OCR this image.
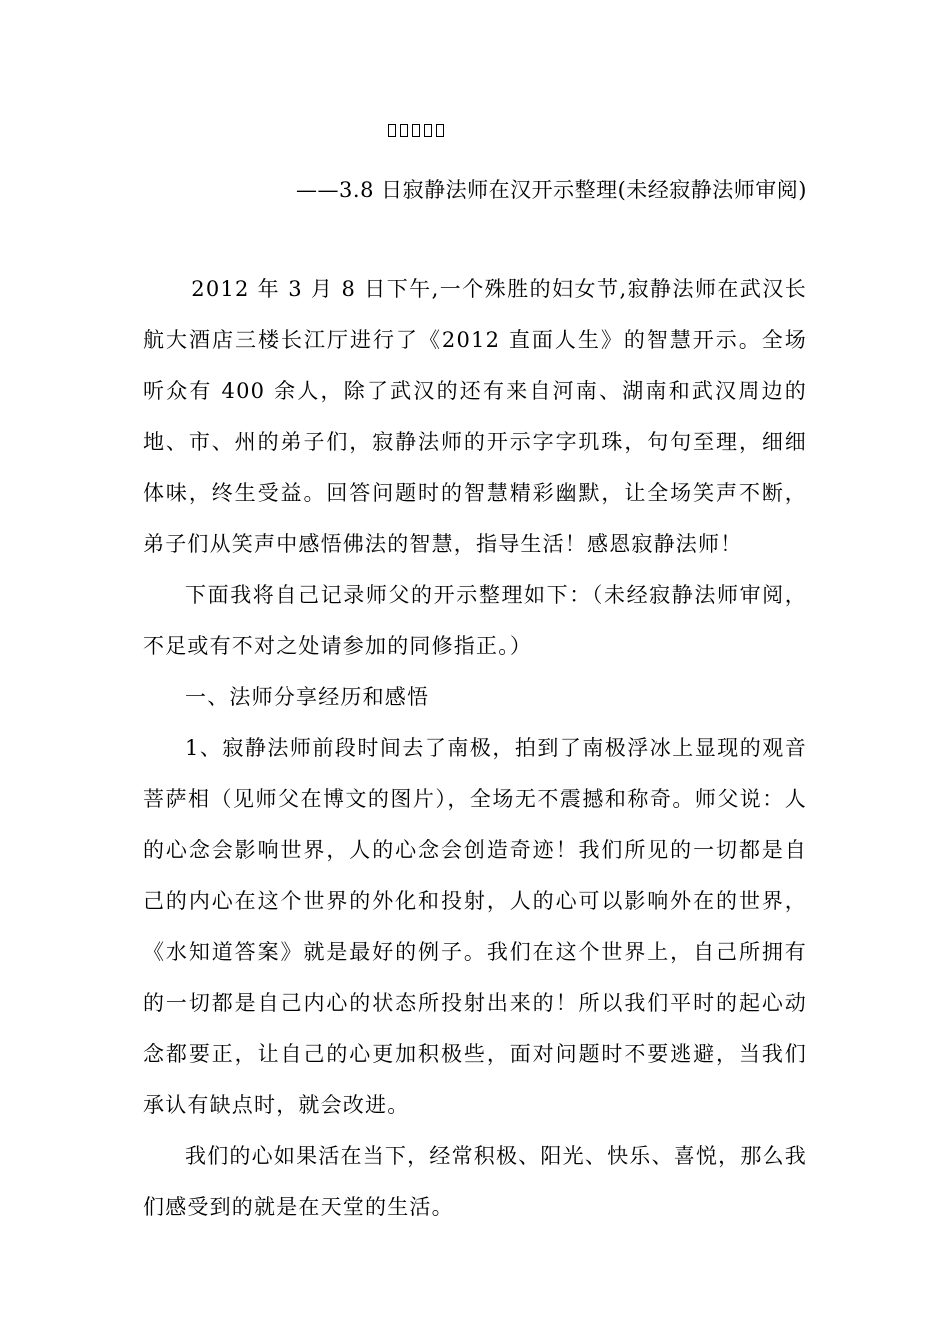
——3.8 日寂静法师在汉开示整理(未经寂静法师审阅)

2012 年 3 月 8 日下午,一个殊胜的妇女节,寂静法师在武汉长航大酒店三楼长江厅进行了《2012 直面人生》的智慧开示。全场听众有 400 余人，除了武汉的还有来自河南、湖南和武汉周边的地、市、州的弟子们，寂静法师的开示字字玑珠，句句至理，细细体味，终生受益。回答问题时的智慧精彩幽默，让全场笑声不断，弟子们从笑声中感悟佛法的智慧，指导生活！感恩寂静法师！

下面我将自己记录师父的开示整理如下：（未经寂静法师审阅，不足或有不对之处请参加的同修指正。）

一、法师分享经历和感悟

1、寂静法师前段时间去了南极，拍到了南极浮冰上显现的观音菩萨相（见师父在博文的图片），全场无不震撼和称奇。师父说：人的心念会影响世界，人的心念会创造奇迹！我们所见的一切都是自己的内心在这个世界的外化和投射，人的心可以影响外在的世界，《水知道答案》就是最好的例子。我们在这个世界上，自己所拥有的一切都是自己内心的状态所投射出来的！所以我们平时的起心动念都要正，让自己的心更加积极些，面对问题时不要逃避，当我们承认有缺点时，就会改进。

我们的心如果活在当下，经常积极、阳光、快乐、喜悦，那么我们感受到的就是在天堂的生活。
